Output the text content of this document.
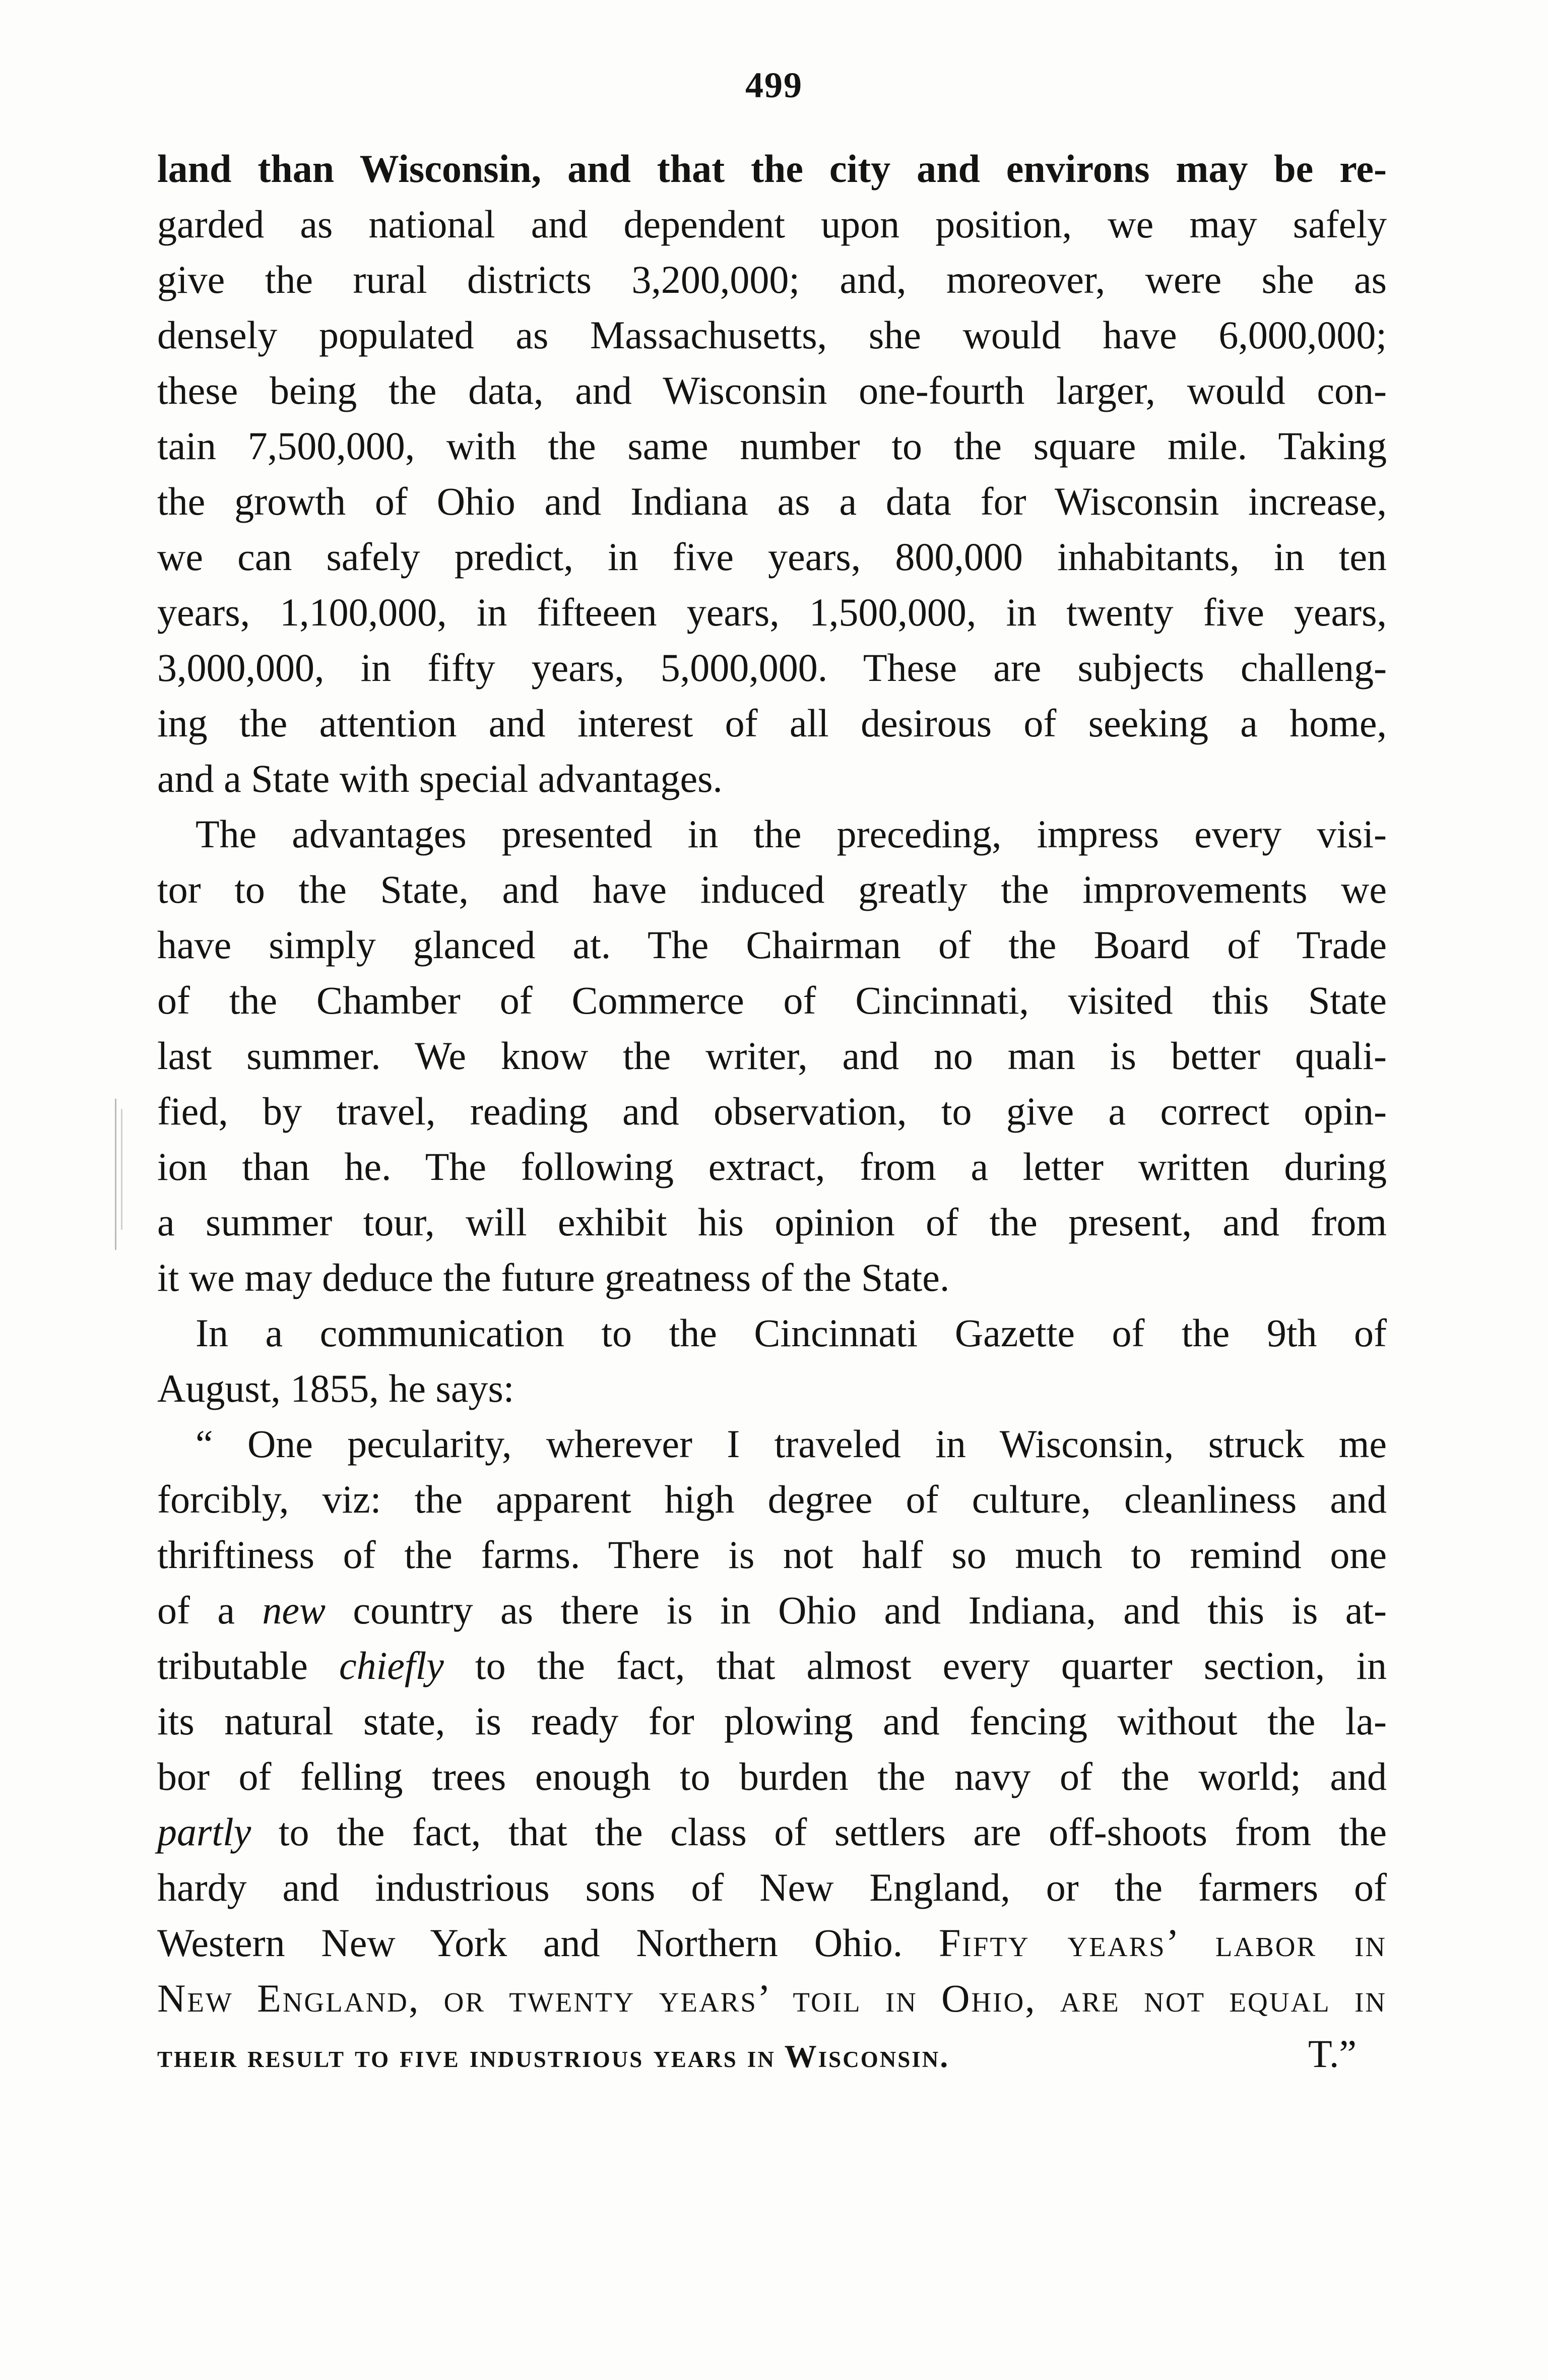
499
land than Wisconsin, and that the city and environs may be re-
garded as national and dependent upon position, we may safely
give the rural districts 3,200,000; and, moreover, were she as
densely populated as Massachusetts, she would have 6,000,000;
these being the data, and Wisconsin one-fourth larger, would con-
tain 7,500,000, with the same number to the square mile. Taking
the growth of Ohio and Indiana as a data for Wisconsin increase,
we can safely predict, in five years, 800,000 inhabitants, in ten
years, 1,100,000, in fifteeen years, 1,500,000, in twenty five years,
3,000,000, in fifty years, 5,000,000. These are subjects challeng-
ing the attention and interest of all desirous of seeking a home,
and a State with special advantages.
The advantages presented in the preceding, impress every visi-
tor to the State, and have induced greatly the improvements we
have simply glanced at. The Chairman of the Board of Trade
of the Chamber of Commerce of Cincinnati, visited this State
last summer. We know the writer, and no man is better quali-
fied, by travel, reading and observation, to give a correct opin-
ion than he. The following extract, from a letter written during
a summer tour, will exhibit his opinion of the present, and from
it we may deduce the future greatness of the State.
In a communication to the Cincinnati Gazette of the 9th of
August, 1855, he says:
“ One pecularity, wherever I traveled in Wisconsin, struck me
forcibly, viz: the apparent high degree of culture, cleanliness and
thriftiness of the farms. There is not half so much to remind one
of a new country as there is in Ohio and Indiana, and this is at-
tributable chiefly to the fact, that almost every quarter section, in
its natural state, is ready for plowing and fencing without the la-
bor of felling trees enough to burden the navy of the world; and
partly to the fact, that the class of settlers are off-shoots from the
hardy and industrious sons of New England, or the farmers of
Western New York and Northern Ohio. Fifty years’ labor in
New England, or twenty years’ toil in Ohio, are not equal in
their result to five industrious years in Wisconsin.	T.”
